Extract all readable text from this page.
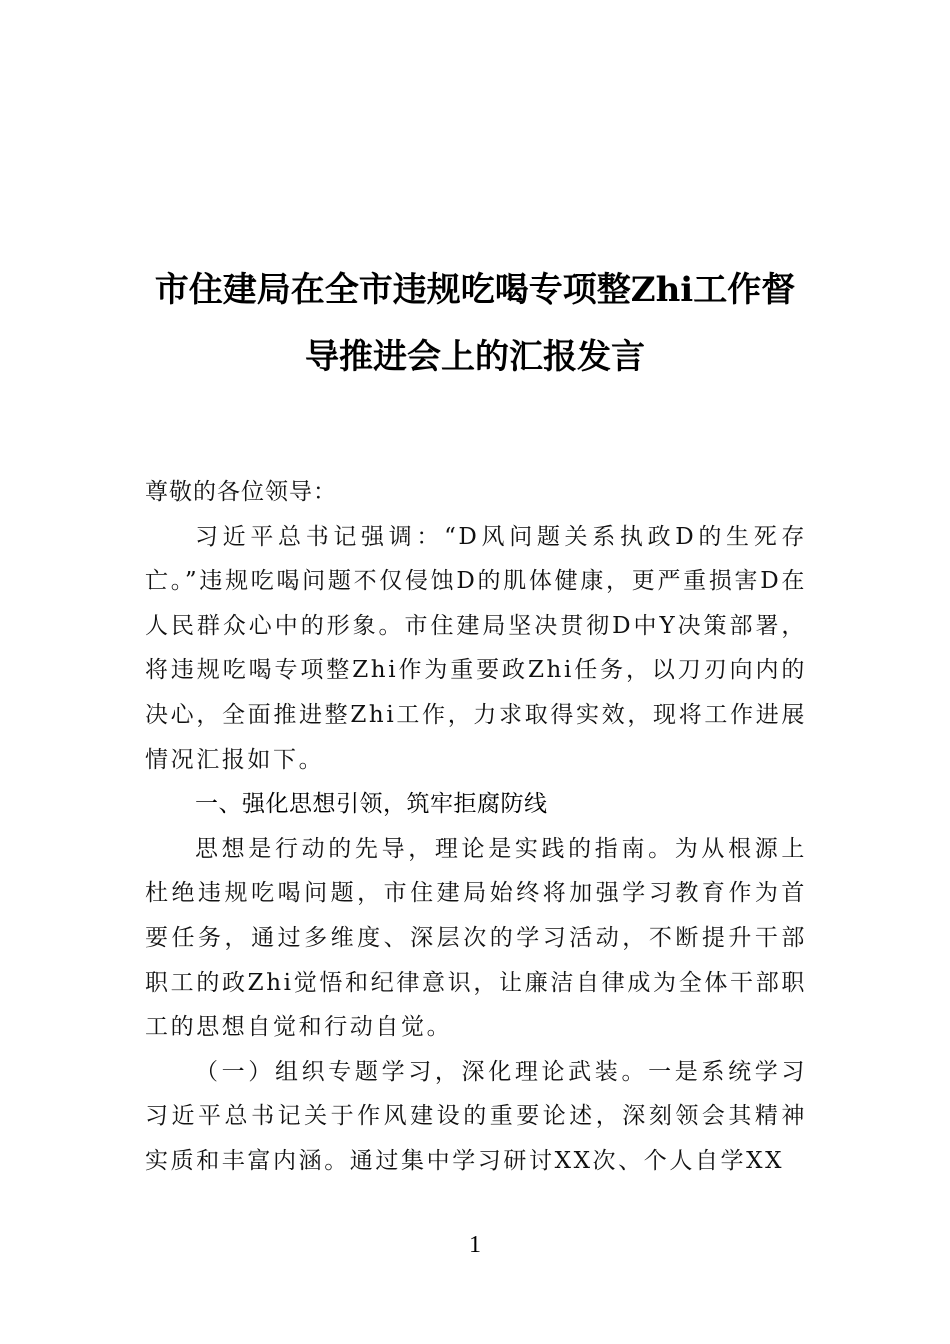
市住建局在全市违规吃喝专项整Zhi工作督
导推进会上的汇报发言

尊敬的各位领导：

习近平总书记强调：“D风问题关系执政D的生死存亡。”违规吃喝问题不仅侵蚀D的肌体健康，更严重损害D在人民群众心中的形象。市住建局坚决贯彻D中Y决策部署，将违规吃喝专项整Zhi作为重要政Zhi任务，以刀刃向内的决心，全面推进整Zhi工作，力求取得实效，现将工作进展情况汇报如下。

一、强化思想引领，筑牢拒腐防线

思想是行动的先导，理论是实践的指南。为从根源上杜绝违规吃喝问题，市住建局始终将加强学习教育作为首要任务，通过多维度、深层次的学习活动，不断提升干部职工的政Zhi觉悟和纪律意识，让廉洁自律成为全体干部职工的思想自觉和行动自觉。

（一）组织专题学习，深化理论武装。一是系统学习习近平总书记关于作风建设的重要论述，深刻领会其精神实质和丰富内涵。通过集中学习研讨XX次、个人自学XX

1
